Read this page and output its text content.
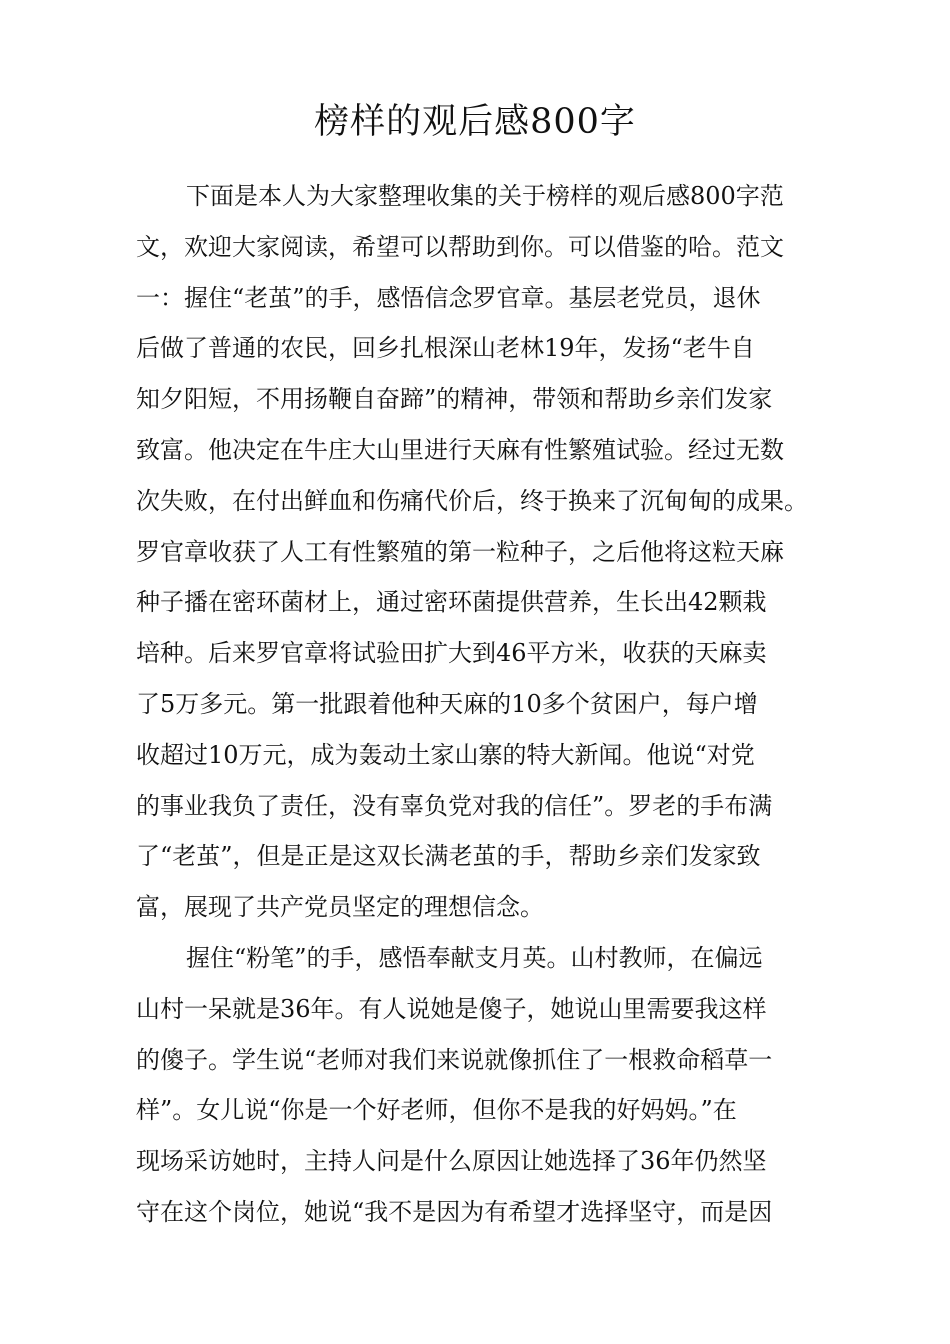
榜样的观后感800字
下面是本人为大家整理收集的关于榜样的观后感800字范
文，欢迎大家阅读，希望可以帮助到你。可以借鉴的哈。范文
一：握住“老茧”的手，感悟信念罗官章。基层老党员，退休
后做了普通的农民，回乡扎根深山老林19年，发扬“老牛自
知夕阳短，不用扬鞭自奋蹄”的精神，带领和帮助乡亲们发家
致富。他决定在牛庄大山里进行天麻有性繁殖试验。经过无数
次失败，在付出鲜血和伤痛代价后，终于换来了沉甸甸的成果。
罗官章收获了人工有性繁殖的第一粒种子，之后他将这粒天麻
种子播在密环菌材上，通过密环菌提供营养，生长出42颗栽
培种。后来罗官章将试验田扩大到46平方米，收获的天麻卖
了5万多元。第一批跟着他种天麻的10多个贫困户，每户增
收超过10万元，成为轰动土家山寨的特大新闻。他说“对党
的事业我负了责任，没有辜负党对我的信任”。罗老的手布满
了“老茧”，但是正是这双长满老茧的手，帮助乡亲们发家致
富，展现了共产党员坚定的理想信念。
握住“粉笔”的手，感悟奉献支月英。山村教师，在偏远
山村一呆就是36年。有人说她是傻子，她说山里需要我这样
的傻子。学生说“老师对我们来说就像抓住了一根救命稻草一
样”。女儿说“你是一个好老师，但你不是我的好妈妈。”在
现场采访她时，主持人问是什么原因让她选择了36年仍然坚
守在这个岗位，她说“我不是因为有希望才选择坚守，而是因
